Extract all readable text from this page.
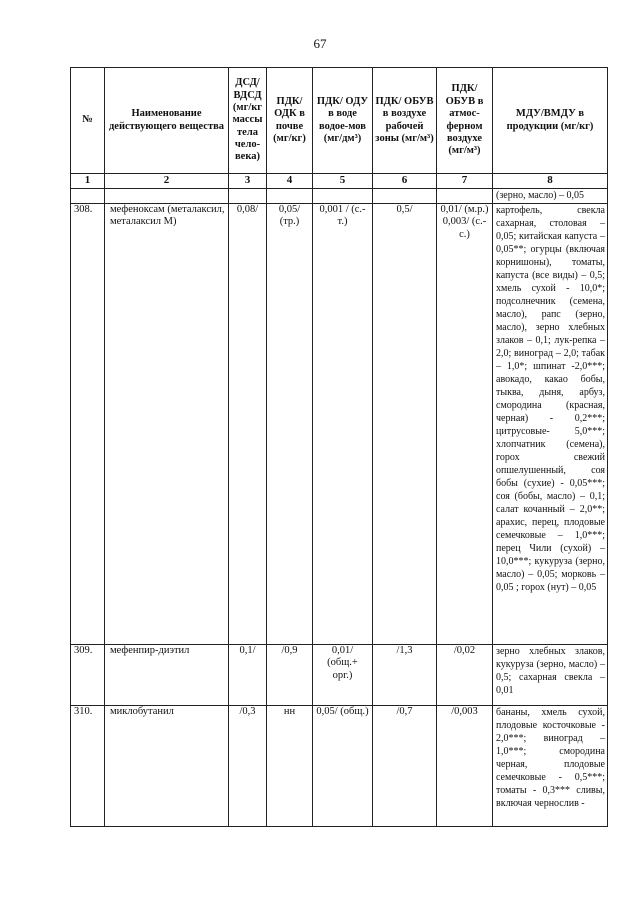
67
№	Наименование действующего вещества	ДСД/ ВДСД (мг/кг массы тела чело-века)	ПДК/ ОДК в почве (мг/кг)	ПДК/ ОДУ в воде водое-мов (мг/дм³)	ПДК/ ОБУВ в воздухе рабочей зоны (мг/м³)	ПДК/ ОБУВ в атмос-ферном воздухе (мг/м³)	МДУ/ВМДУ в продукции (мг/кг)
1	2	3	4	5	6	7	8
							(зерно, масло) – 0,05
308.	мефеноксам (металаксил, металаксил М)	0,08/	0,05/ (тр.)	0,001 / (с.-т.)	0,5/	0,01/ (м.р.) 0,003/ (с.-с.)	картофель, свекла сахарная, столовая – 0,05; китайская капуста – 0,05**; огурцы (включая корнишоны), томаты, капуста (все виды) – 0,5; хмель сухой - 10,0*; подсолнечник (семена, масло), рапс (зерно, масло), зерно хлебных злаков – 0,1; лук-репка – 2,0; виноград – 2,0; табак – 1,0*; шпинат -2,0***; авокадо, какао бобы, тыква, дыня, арбуз, смородина (красная, черная) - 0,2***; цитрусовые- 5,0***; хлопчатник (семена), горох свежий опшелушенный, соя бобы (сухие) - 0,05***; соя (бобы, масло) – 0,1; салат кочанный – 2,0**; арахис, перец, плодовые семечковые – 1,0***; перец Чили (сухой) – 10,0***; кукуруза (зерно, масло) – 0,05; морковь – 0,05 ; горох (нут) – 0,05
309.	мефенпир-диэтил	0,1/	/0,9	0,01/ (общ.+ орг.)	/1,3	/0,02	зерно хлебных злаков, кукуруза (зерно, масло) – 0,5; сахарная свекла – 0,01
310.	миклобутанил	/0,3	нн	0,05/ (общ.)	/0,7	/0,003	бананы, хмель сухой, плодовые косточковые - 2,0***; виноград – 1,0***; смородина черная, плодовые семечковые - 0,5***; томаты - 0,3*** сливы, включая чернослив -
